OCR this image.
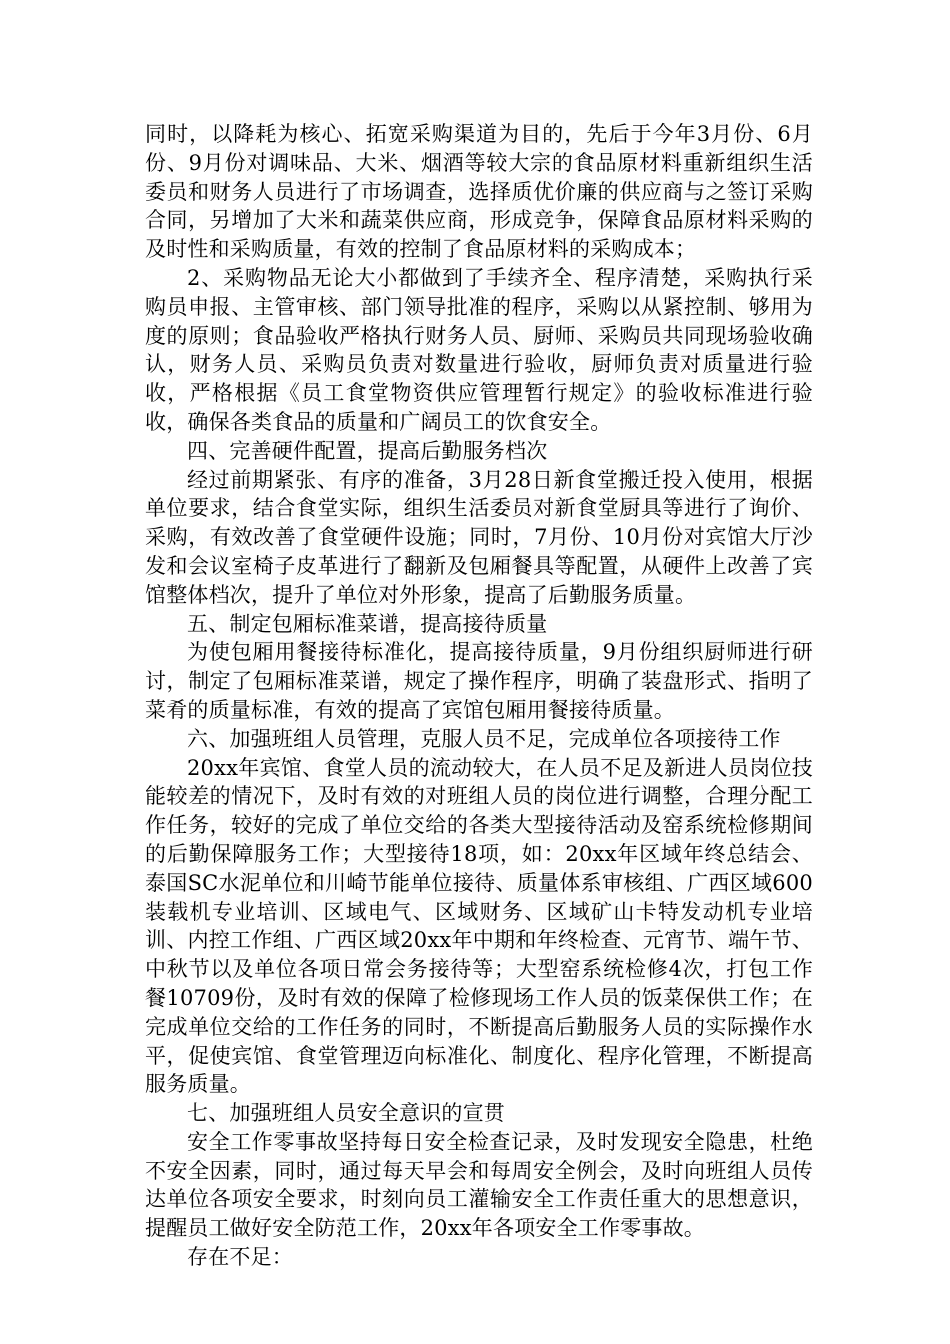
同时，以降耗为核心、拓宽采购渠道为目的，先后于今年3月份、6月份、9月份对调味品、大米、烟酒等较大宗的食品原材料重新组织生活委员和财务人员进行了市场调查，选择质优价廉的供应商与之签订采购合同，另增加了大米和蔬菜供应商，形成竞争，保障食品原材料采购的及时性和采购质量，有效的控制了食品原材料的采购成本；

2、采购物品无论大小都做到了手续齐全、程序清楚，采购执行采购员申报、主管审核、部门领导批准的程序，采购以从紧控制、够用为度的原则；食品验收严格执行财务人员、厨师、采购员共同现场验收确认，财务人员、采购员负责对数量进行验收，厨师负责对质量进行验收，严格根据《员工食堂物资供应管理暂行规定》的验收标准进行验收，确保各类食品的质量和广阔员工的饮食安全。

四、完善硬件配置，提高后勤服务档次

经过前期紧张、有序的准备，3月28日新食堂搬迁投入使用，根据单位要求，结合食堂实际，组织生活委员对新食堂厨具等进行了询价、采购，有效改善了食堂硬件设施；同时，7月份、10月份对宾馆大厅沙发和会议室椅子皮革进行了翻新及包厢餐具等配置，从硬件上改善了宾馆整体档次，提升了单位对外形象，提高了后勤服务质量。

五、制定包厢标准菜谱，提高接待质量

为使包厢用餐接待标准化，提高接待质量，9月份组织厨师进行研讨，制定了包厢标准菜谱，规定了操作程序，明确了装盘形式、指明了菜肴的质量标准，有效的提高了宾馆包厢用餐接待质量。

六、加强班组人员管理，克服人员不足，完成单位各项接待工作

20xx年宾馆、食堂人员的流动较大，在人员不足及新进人员岗位技能较差的情况下，及时有效的对班组人员的岗位进行调整，合理分配工作任务，较好的完成了单位交给的各类大型接待活动及窑系统检修期间的后勤保障服务工作；大型接待18项，如：20xx年区域年终总结会、泰国SC水泥单位和川崎节能单位接待、质量体系审核组、广西区域600装载机专业培训、区域电气、区域财务、区域矿山卡特发动机专业培训、内控工作组、广西区域20xx年中期和年终检查、元宵节、端午节、中秋节以及单位各项日常会务接待等；大型窑系统检修4次，打包工作餐10709份，及时有效的保障了检修现场工作人员的饭菜保供工作；在完成单位交给的工作任务的同时，不断提高后勤服务人员的实际操作水平，促使宾馆、食堂管理迈向标准化、制度化、程序化管理，不断提高服务质量。

七、加强班组人员安全意识的宣贯

安全工作零事故坚持每日安全检查记录，及时发现安全隐患，杜绝不安全因素，同时，通过每天早会和每周安全例会，及时向班组人员传达单位各项安全要求，时刻向员工灌输安全工作责任重大的思想意识，提醒员工做好安全防范工作，20xx年各项安全工作零事故。

存在不足：
